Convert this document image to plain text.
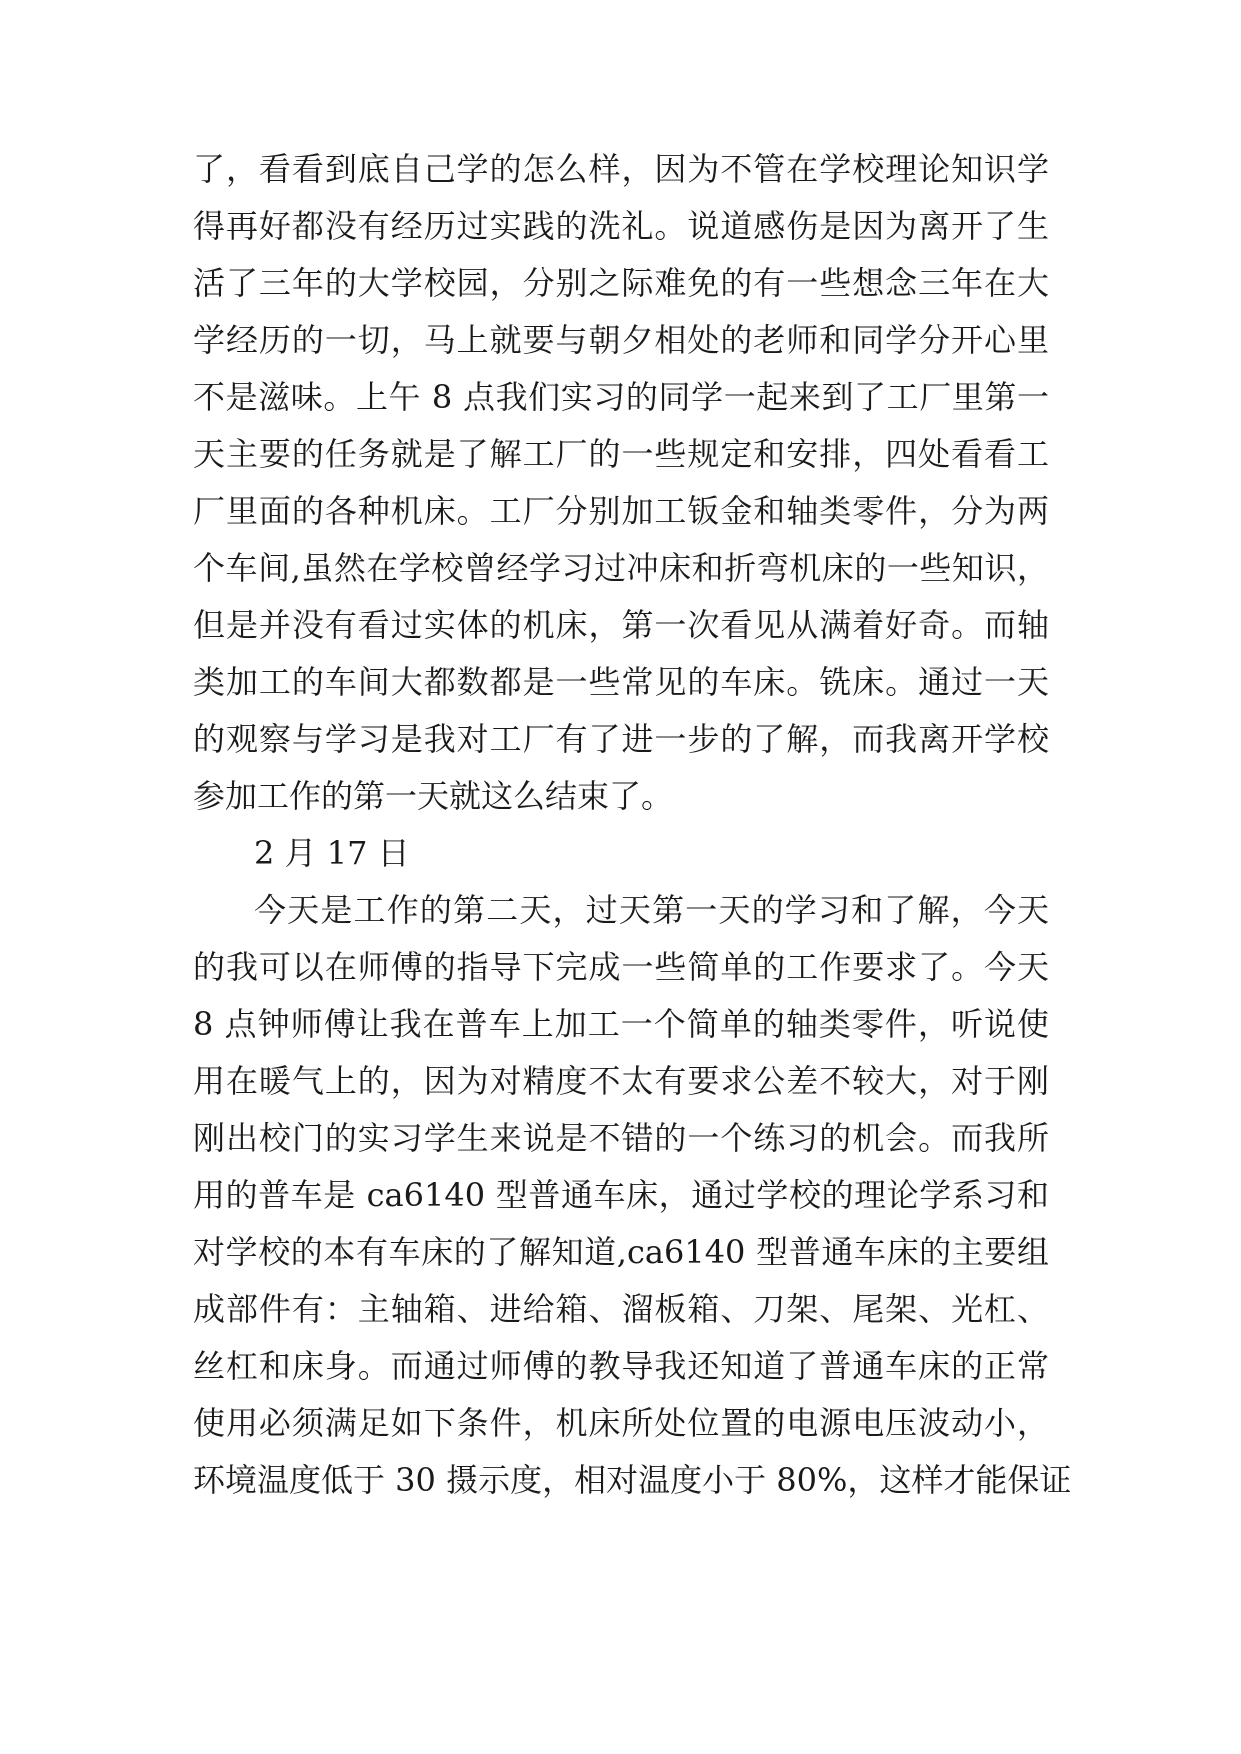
了，看看到底自己学的怎么样，因为不管在学校理论知识学
得再好都没有经历过实践的洗礼。说道感伤是因为离开了生
活了三年的大学校园，分别之际难免的有一些想念三年在大
学经历的一切，马上就要与朝夕相处的老师和同学分开心里
不是滋味。上午 8 点我们实习的同学一起来到了工厂里第一
天主要的任务就是了解工厂的一些规定和安排，四处看看工
厂里面的各种机床。工厂分别加工钣金和轴类零件，分为两
个车间,虽然在学校曾经学习过冲床和折弯机床的一些知识，
但是并没有看过实体的机床，第一次看见从满着好奇。而轴
类加工的车间大都数都是一些常见的车床。铣床。通过一天
的观察与学习是我对工厂有了进一步的了解，而我离开学校
参加工作的第一天就这么结束了。
2 月 17 日
今天是工作的第二天，过天第一天的学习和了解，今天
的我可以在师傅的指导下完成一些简单的工作要求了。今天
8 点钟师傅让我在普车上加工一个简单的轴类零件，听说使
用在暖气上的，因为对精度不太有要求公差不较大，对于刚
刚出校门的实习学生来说是不错的一个练习的机会。而我所
用的普车是 ca6140 型普通车床，通过学校的理论学系习和
对学校的本有车床的了解知道,ca6140 型普通车床的主要组
成部件有：主轴箱、进给箱、溜板箱、刀架、尾架、光杠、
丝杠和床身。而通过师傅的教导我还知道了普通车床的正常
使用必须满足如下条件，机床所处位置的电源电压波动小，
环境温度低于 30 摄示度，相对温度小于 80%，这样才能保证
